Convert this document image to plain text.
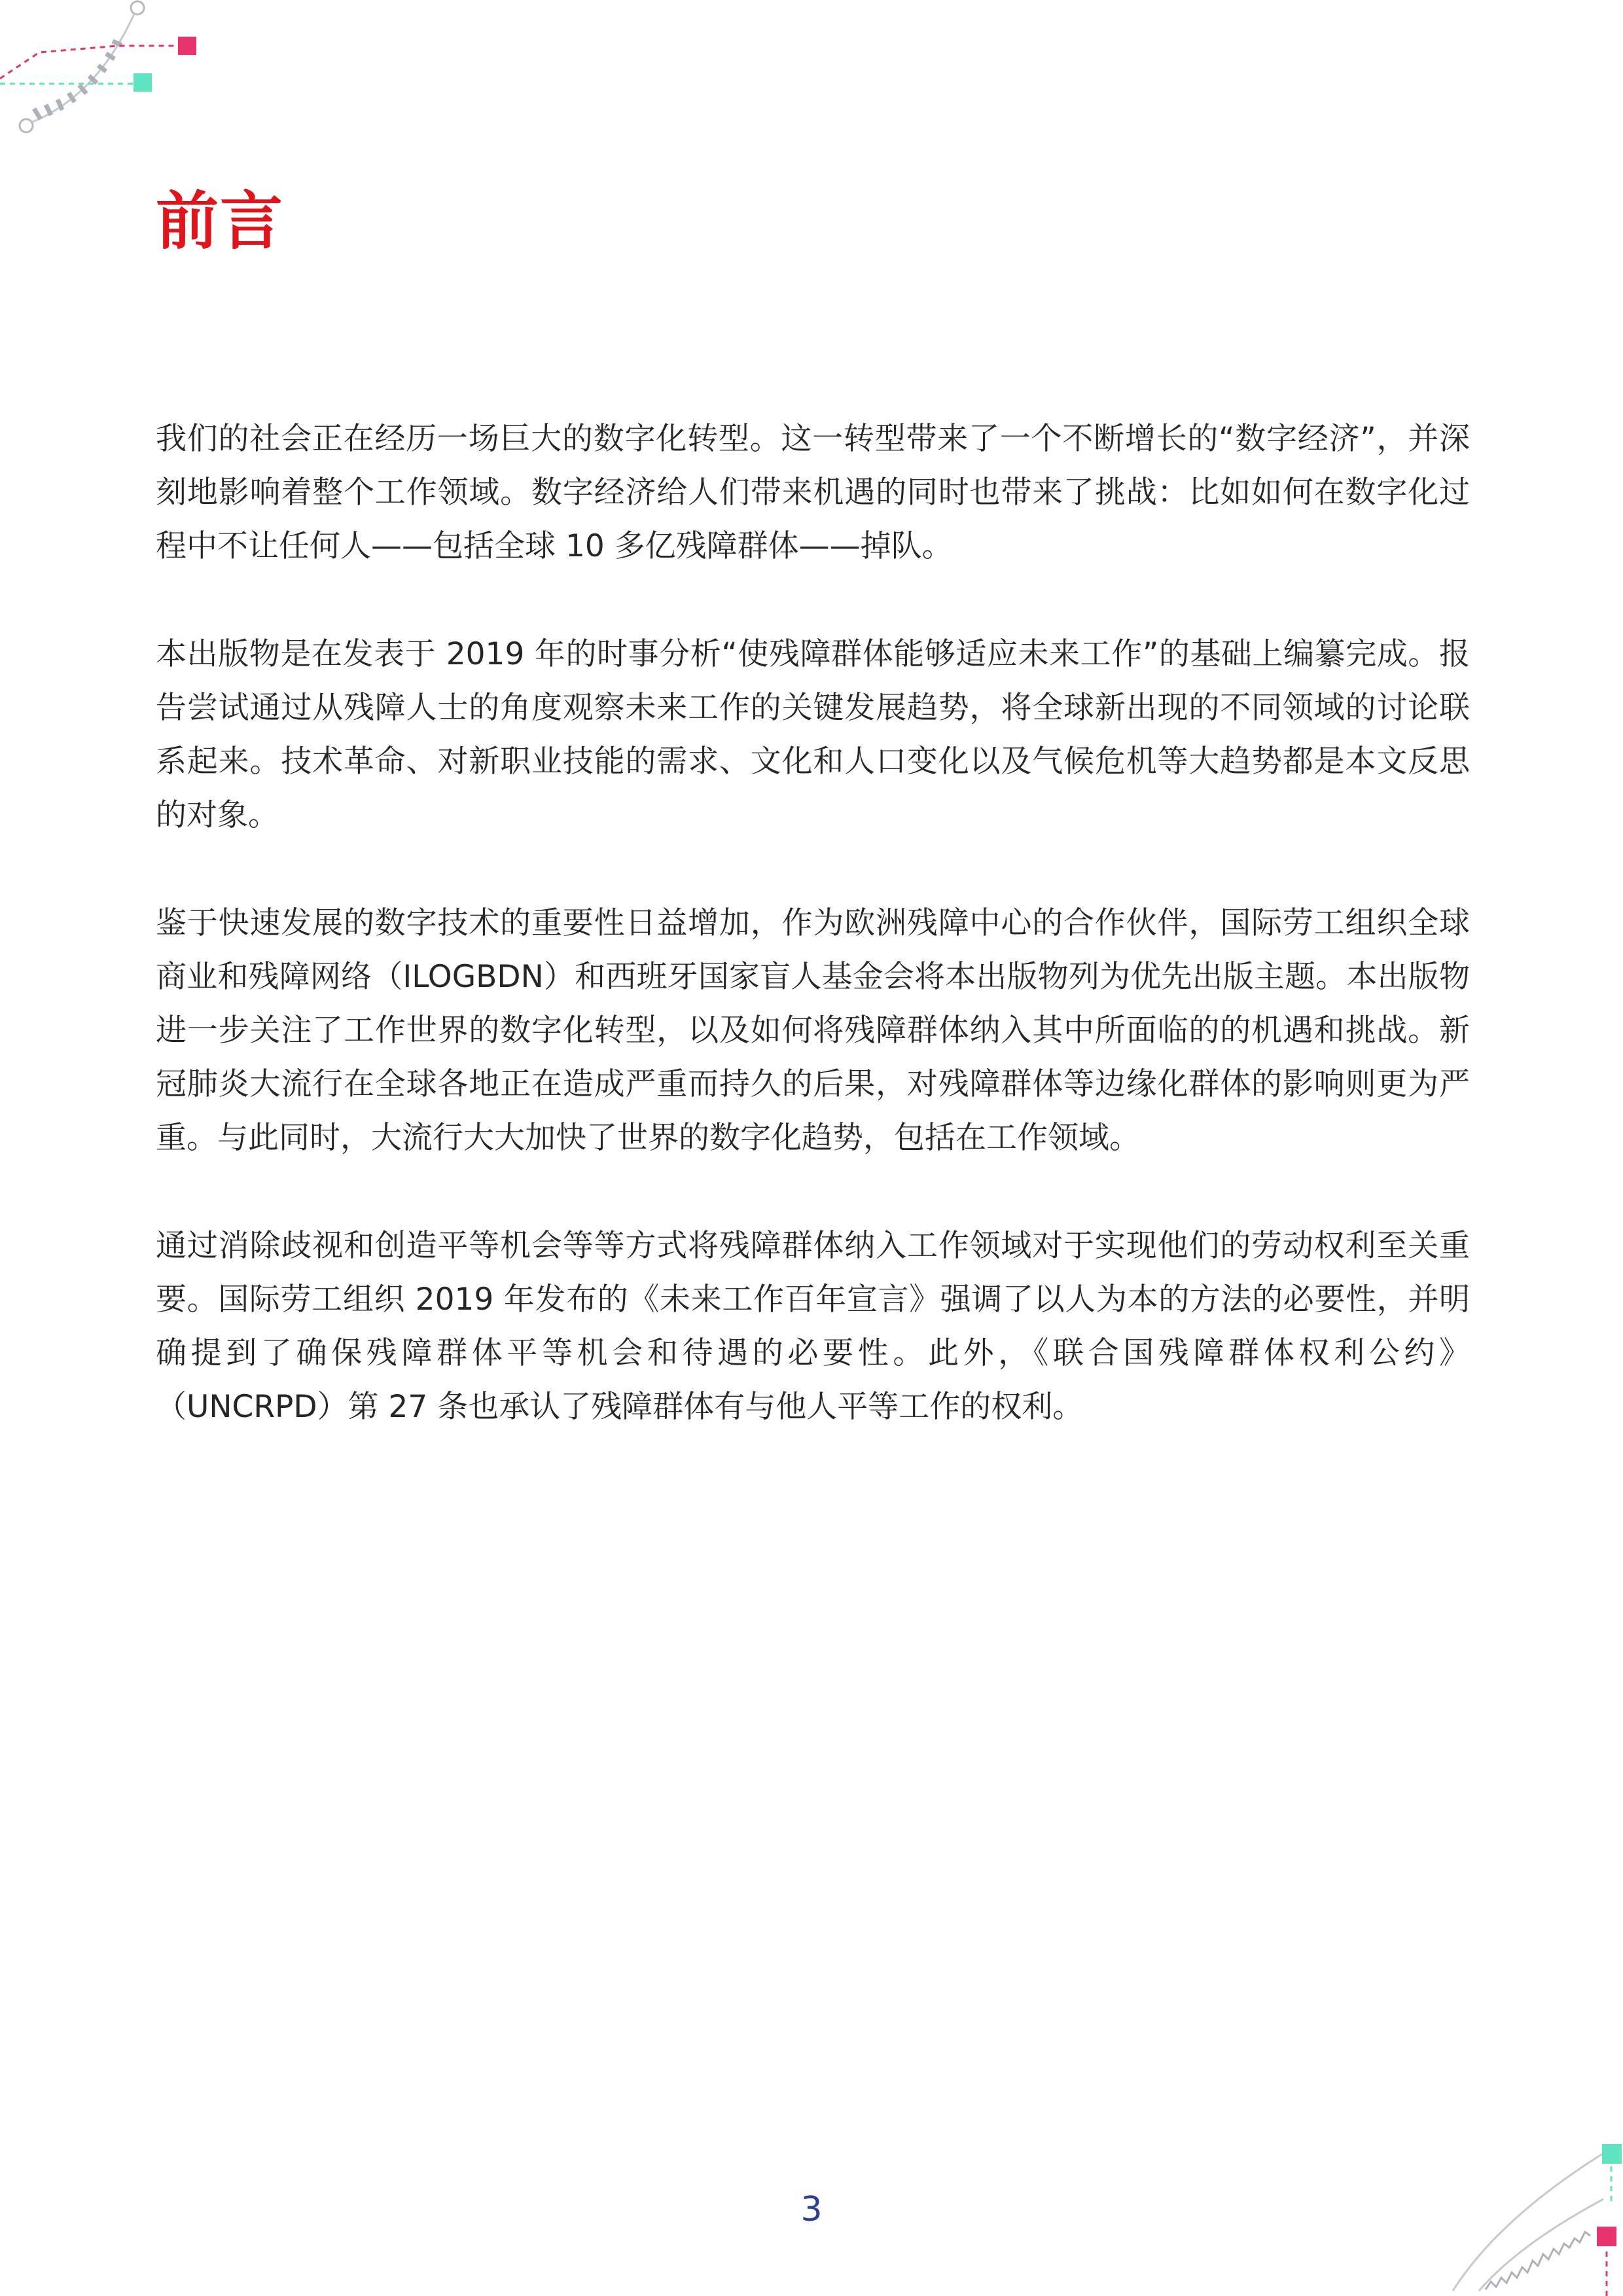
前言

我们的社会正在经历一场巨大的数字化转型。这一转型带来了一个不断增长的“数字经济”，并深刻地影响着整个工作领域。数字经济给人们带来机遇的同时也带来了挑战：比如如何在数字化过程中不让任何人——包括全球 10 多亿残障群体——掉队。

本出版物是在发表于 2019 年的时事分析“使残障群体能够适应未来工作”的基础上编纂完成。报告尝试通过从残障人士的角度观察未来工作的关键发展趋势，将全球新出现的不同领域的讨论联系起来。技术革命、对新职业技能的需求、文化和人口变化以及气候危机等大趋势都是本文反思的对象。

鉴于快速发展的数字技术的重要性日益增加，作为欧洲残障中心的合作伙伴，国际劳工组织全球商业和残障网络（ILOGBDN）和西班牙国家盲人基金会将本出版物列为优先出版主题。本出版物进一步关注了工作世界的数字化转型，以及如何将残障群体纳入其中所面临的的机遇和挑战。新冠肺炎大流行在全球各地正在造成严重而持久的后果，对残障群体等边缘化群体的影响则更为严重。与此同时，大流行大大加快了世界的数字化趋势，包括在工作领域。

通过消除歧视和创造平等机会等等方式将残障群体纳入工作领域对于实现他们的劳动权利至关重要。国际劳工组织 2019 年发布的《未来工作百年宣言》强调了以人为本的方法的必要性，并明确提到了确保残障群体平等机会和待遇的必要性。此外，《联合国残障群体权利公约》（UNCRPD）第 27 条也承认了残障群体有与他人平等工作的权利。

3
